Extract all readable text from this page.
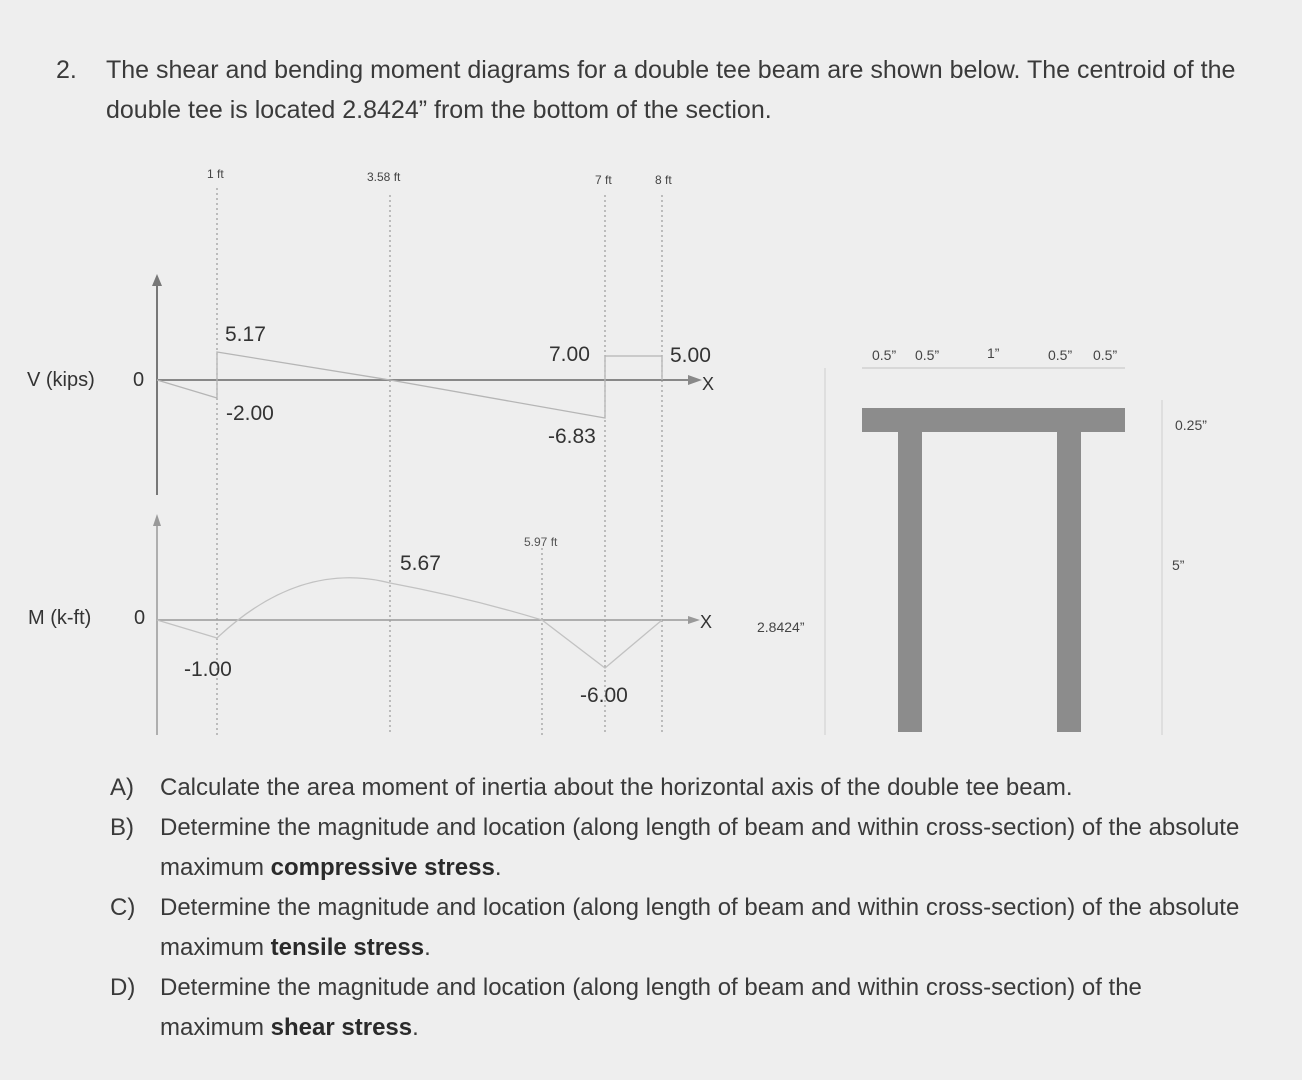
2. The shear and bending moment diagrams for a double tee beam are shown below. The centroid of the double tee is located 2.8424” from the bottom of the section.
1 ft	3.58 ft	7 ft	8 ft
V (kips) 0	X
5.17
-2.00
7.00
-6.83
5.00
M (k-ft) 0	X
5.67
-1.00
-6.00
5.97 ft
0.5” 0.5”	1”	0.5” 0.5”
0.25”
5”
2.8424”
A) Calculate the area moment of inertia about the horizontal axis of the double tee beam.
B) Determine the magnitude and location (along length of beam and within cross-section) of the absolute maximum compressive stress.
C) Determine the magnitude and location (along length of beam and within cross-section) of the absolute maximum tensile stress.
D) Determine the magnitude and location (along length of beam and within cross-section) of the maximum shear stress.
